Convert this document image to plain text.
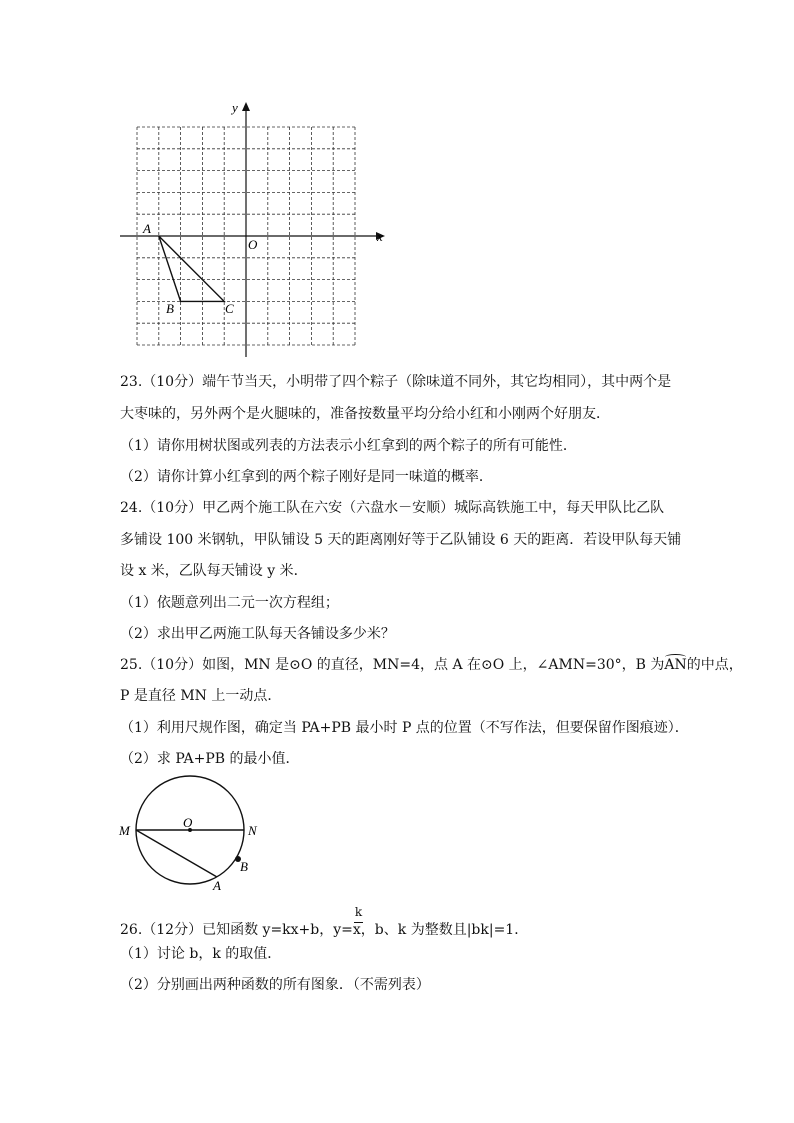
y
x
O
A
B	C
23.（10分）端午节当天，小明带了四个粽子（除味道不同外，其它均相同），其中两个是
大枣味的，另外两个是火腿味的，准备按数量平均分给小红和小刚两个好朋友．
（1）请你用树状图或列表的方法表示小红拿到的两个粽子的所有可能性．
（2）请你计算小红拿到的两个粽子刚好是同一味道的概率．
24.（10分）甲乙两个施工队在六安（六盘水－安顺）城际高铁施工中，每天甲队比乙队
多铺设 100 米钢轨，甲队铺设 5 天的距离刚好等于乙队铺设 6 天的距离．若设甲队每天铺
设 x 米，乙队每天铺设 y 米．
（1）依题意列出二元一次方程组；
（2）求出甲乙两施工队每天各铺设多少米？
25.（10分）如图，MN 是⊙O 的直径，MN=4，点 A 在⊙O 上，∠AMN=30°，B 为
AN的中点，
P 是直径 MN 上一动点．
（1）利用尺规作图，确定当 PA+PB 最小时 P 点的位置（不写作法，但要保留作图痕迹）．
（2）求 PA+PB 的最小值．
M
O
N
A
B
26.（12分）已知函数 y=kx+b，$y= \frac{k}{x}$，b、k 为整数且|bk|=1．
（1）讨论 b，k 的取值．
（2）分别画出两种函数的所有图象．（不需列表）
